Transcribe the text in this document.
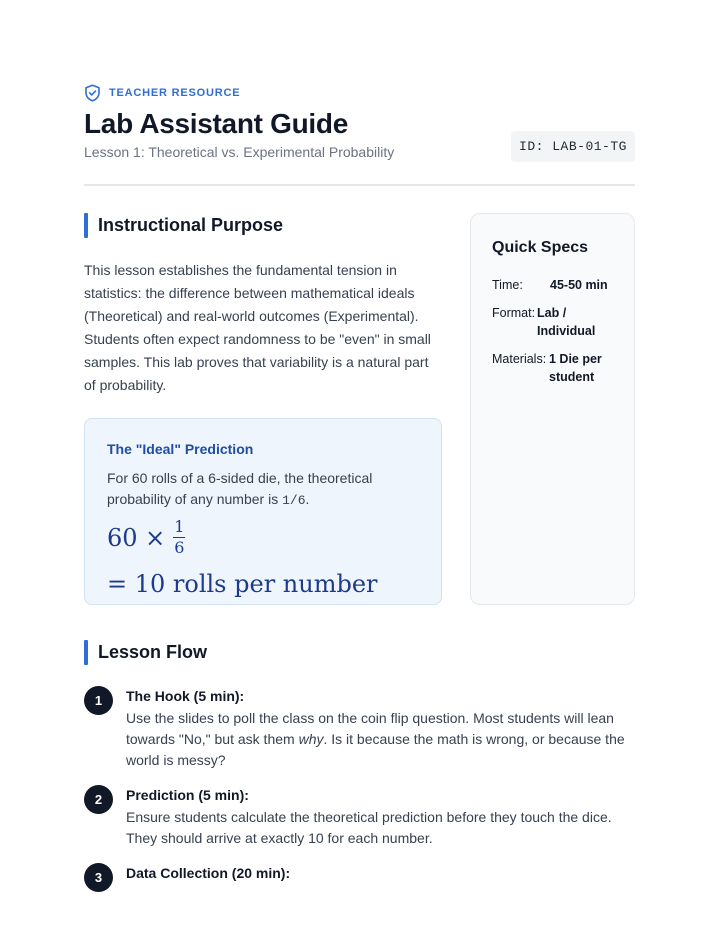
TEACHER RESOURCE
Lab Assistant Guide
Lesson 1: Theoretical vs. Experimental Probability	ID: LAB-01-TG
Instructional Purpose

This lesson establishes the fundamental tension in statistics: the difference between mathematical ideals (Theoretical) and real-world outcomes (Experimental). Students often expect randomness to be "even" in small samples. This lab proves that variability is a natural part of probability.

The "Ideal" Prediction

For 60 rolls of a 6-sided die, the theoretical probability of any number is 1/6.

$60 \times \frac{1}{6}$
= 10 rolls per number
Quick Specs
Time:	45-50 min
Format: Lab / Individual
Materials: 1 Die per student
Lesson Flow
1	The Hook (5 min):

Use the slides to poll the class on the coin flip question. Most students will lean towards "No," but ask them why. Is it because the math is wrong, or because the world is messy?

2	Prediction (5 min):

Ensure students calculate the theoretical prediction before they touch the dice. They should arrive at exactly 10 for each number.

3	Data Collection (20 min):
